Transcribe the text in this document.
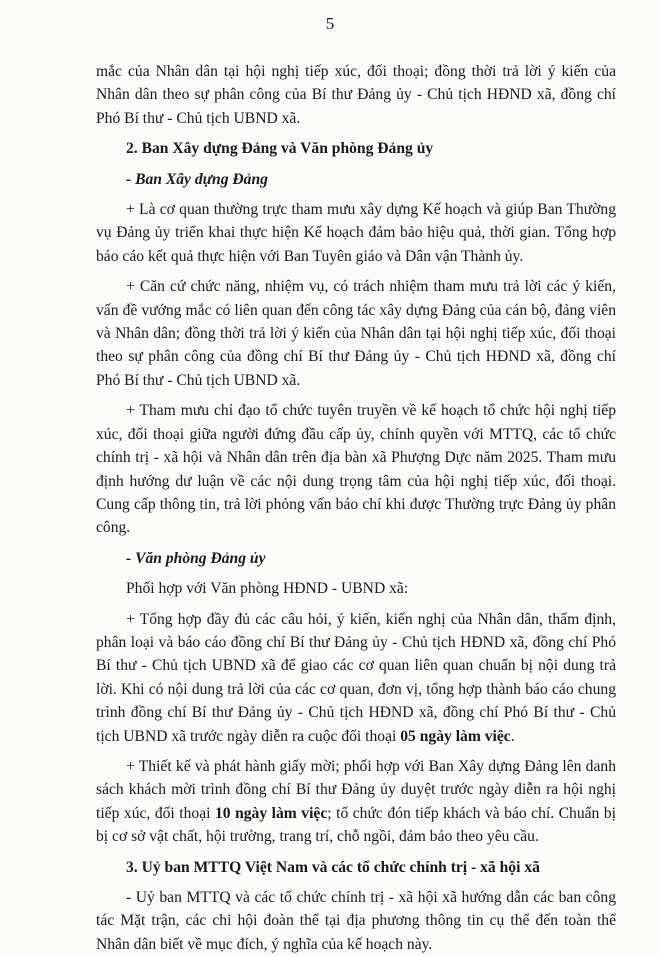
5

mắc của Nhân dân tại hội nghị tiếp xúc, đối thoại; đồng thời trả lời ý kiến của Nhân dân theo sự phân công của Bí thư Đảng ủy - Chủ tịch HĐND xã, đồng chí Phó Bí thư - Chủ tịch UBND xã.

2. Ban Xây dựng Đảng và Văn phòng Đảng ủy

- Ban Xây dựng Đảng

+ Là cơ quan thường trực tham mưu xây dựng Kế hoạch và giúp Ban Thường vụ Đảng ủy triển khai thực hiện Kế hoạch đảm bảo hiệu quả, thời gian. Tổng hợp báo cáo kết quả thực hiện với Ban Tuyên giáo và Dân vận Thành ủy.

+ Căn cứ chức năng, nhiệm vụ, có trách nhiệm tham mưu trả lời các ý kiến, vấn đề vướng mắc có liên quan đến công tác xây dựng Đảng của cán bộ, đảng viên và Nhân dân; đồng thời trả lời ý kiến của Nhân dân tại hội nghị tiếp xúc, đối thoại theo sự phân công của đồng chí Bí thư Đảng ủy - Chủ tịch HĐND xã, đồng chí Phó Bí thư - Chủ tịch UBND xã.

+ Tham mưu chỉ đạo tổ chức tuyên truyền về kế hoạch tổ chức hội nghị tiếp xúc, đối thoại giữa người đứng đầu cấp ủy, chính quyền với MTTQ, các tổ chức chính trị - xã hội và Nhân dân trên địa bàn xã Phượng Dực năm 2025. Tham mưu định hướng dư luận về các nội dung trọng tâm của hội nghị tiếp xúc, đối thoại. Cung cấp thông tin, trả lời phỏng vấn báo chí khi được Thường trực Đảng ủy phân công.

- Văn phòng Đảng ủy

Phối hợp với Văn phòng HĐND - UBND xã:

+ Tổng hợp đầy đủ các câu hỏi, ý kiến, kiến nghị của Nhân dân, thẩm định, phân loại và báo cáo đồng chí Bí thư Đảng ủy - Chủ tịch HĐND xã, đồng chí Phó Bí thư - Chủ tịch UBND xã để giao các cơ quan liên quan chuẩn bị nội dung trả lời. Khi có nội dung trả lời của các cơ quan, đơn vị, tổng hợp thành báo cáo chung trình đồng chí Bí thư Đảng ủy - Chủ tịch HĐND xã, đồng chí Phó Bí thư - Chủ tịch UBND xã trước ngày diễn ra cuộc đối thoại 05 ngày làm việc.

+ Thiết kế và phát hành giấy mời; phối hợp với Ban Xây dựng Đảng lên danh sách khách mời trình đồng chí Bí thư Đảng ủy duyệt trước ngày diễn ra hội nghị tiếp xúc, đối thoại 10 ngày làm việc; tổ chức đón tiếp khách và báo chí. Chuẩn bị bị cơ sở vật chất, hội trường, trang trí, chỗ ngồi, đảm bảo theo yêu cầu.

3. Uỷ ban MTTQ Việt Nam và các tổ chức chính trị - xã hội xã

- Uỷ ban MTTQ và các tổ chức chính trị - xã hội xã hướng dẫn các ban công tác Mặt trận, các chi hội đoàn thể tại địa phương thông tin cụ thể đến toàn thể Nhân dân biết về mục đích, ý nghĩa của kế hoạch này.
